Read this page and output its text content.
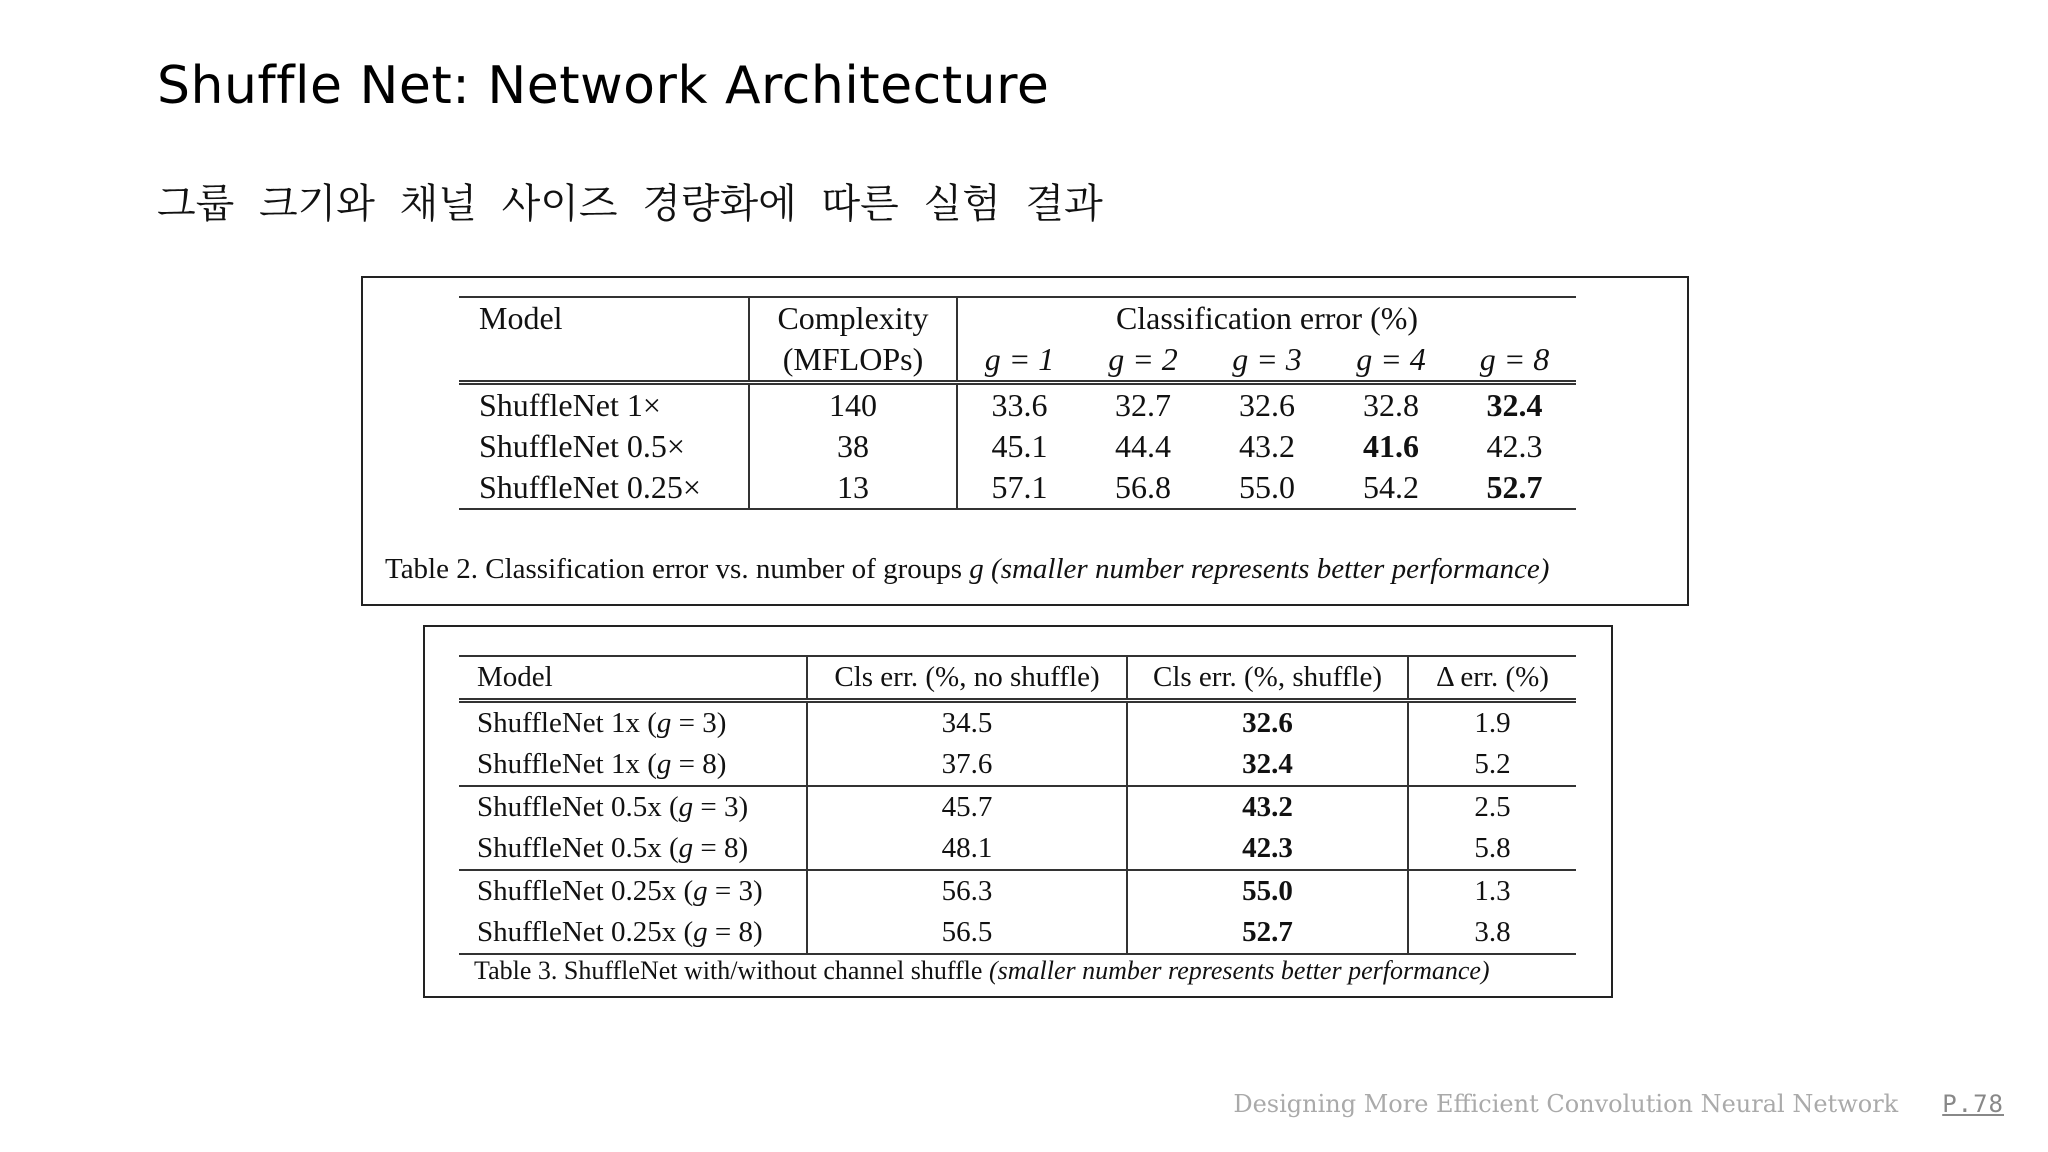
Shuffle Net: Network Architecture

그룹 크기와 채널 사이즈 경량화에 따른 실험 결과

Model	Complexity	Classification error (%)				
	(MFLOPs)	g = 1	g = 2	g = 3	g = 4	g = 8
ShuffleNet 1×	140	33.6	32.7	32.6	32.8	32.4
ShuffleNet 0.5×	38	45.1	44.4	43.2	41.6	42.3
ShuffleNet 0.25×	13	57.1	56.8	55.0	54.2	52.7
Table 2. Classification error vs. number of groups g (smaller number represents better performance)
Model	Cls err. (%, no shuffle)	Cls err. (%, shuffle)	Δ err. (%)
ShuffleNet 1x (g = 3)	34.5	32.6	1.9
ShuffleNet 1x (g = 8)	37.6	32.4	5.2
ShuffleNet 0.5x (g = 3)	45.7	43.2	2.5
ShuffleNet 0.5x (g = 8)	48.1	42.3	5.8
ShuffleNet 0.25x (g = 3)	56.3	55.0	1.3
ShuffleNet 0.25x (g = 8)	56.5	52.7	3.8
Table 3. ShuffleNet with/without channel shuffle (smaller number represents better performance)
Designing More Efficient Convolution Neural Network P.78
